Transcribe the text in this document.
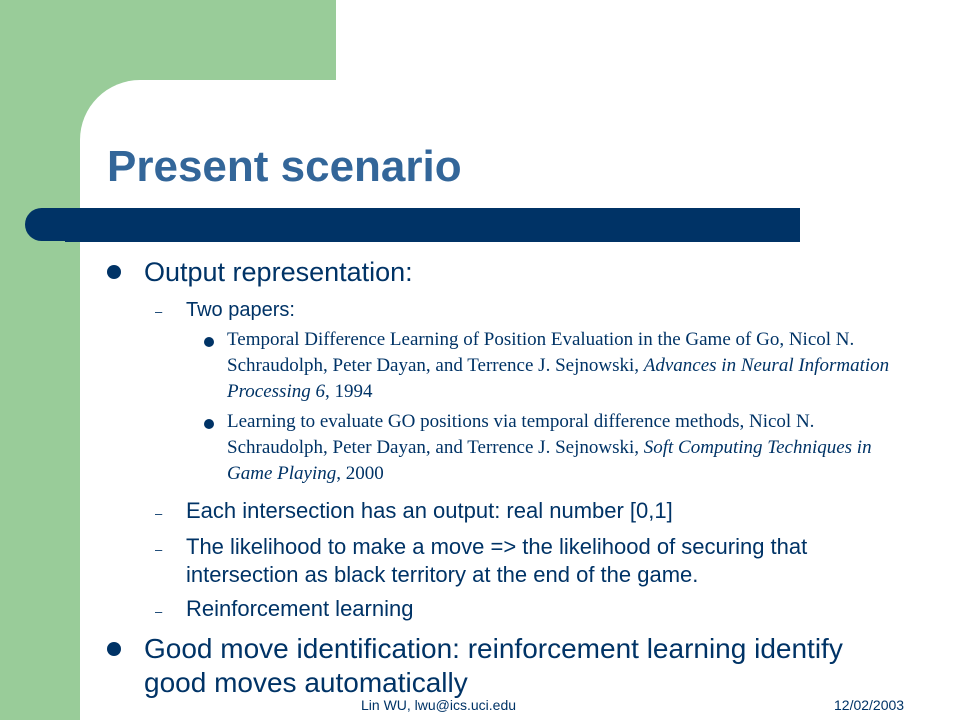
Present scenario
Output representation:
– Two papers:
Temporal Difference Learning of Position Evaluation in the Game of Go, Nicol N. Schraudolph, Peter Dayan, and Terrence J. Sejnowski, Advances in Neural Information Processing 6, 1994
Learning to evaluate GO positions via temporal difference methods, Nicol N. Schraudolph, Peter Dayan, and Terrence J. Sejnowski, Soft Computing Techniques in Game Playing, 2000
– Each intersection has an output: real number [0,1]
– The likelihood to make a move => the likelihood of securing that intersection as black territory at the end of the game.
– Reinforcement learning
Good move identification: reinforcement learning identify good moves automatically
Lin WU, lwu@ics.uci.edu	12/02/2003
